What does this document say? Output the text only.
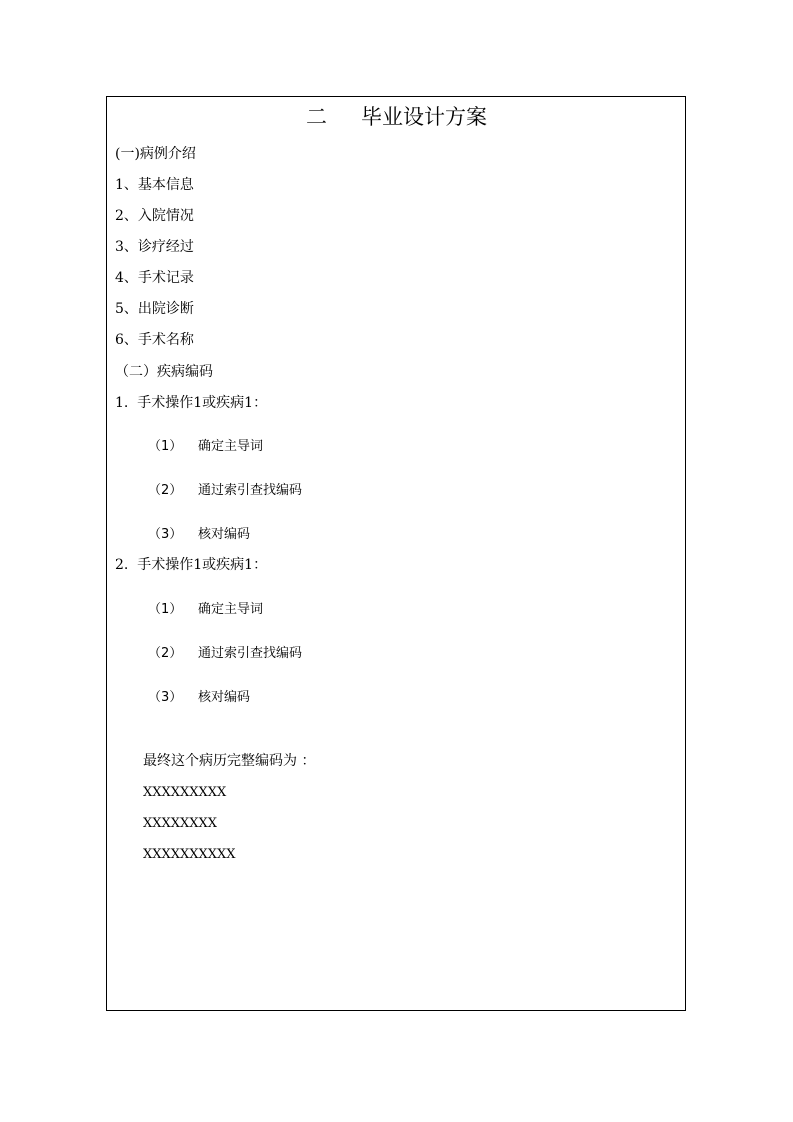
二 毕业设计方案
(一)病例介绍
1、基本信息
2、入院情况
3、诊疗经过
4、手术记录
5、出院诊断
6、手术名称
（二）疾病编码
1.  手术操作1或疾病1：
（1） 确定主导词
（2） 通过索引查找编码
（3） 核对编码
2.  手术操作1或疾病1：
（1） 确定主导词
（2） 通过索引查找编码
（3） 核对编码
最终这个病历完整编码为 ：
XXXXXXXXX
XXXXXXXX
XXXXXXXXXX
